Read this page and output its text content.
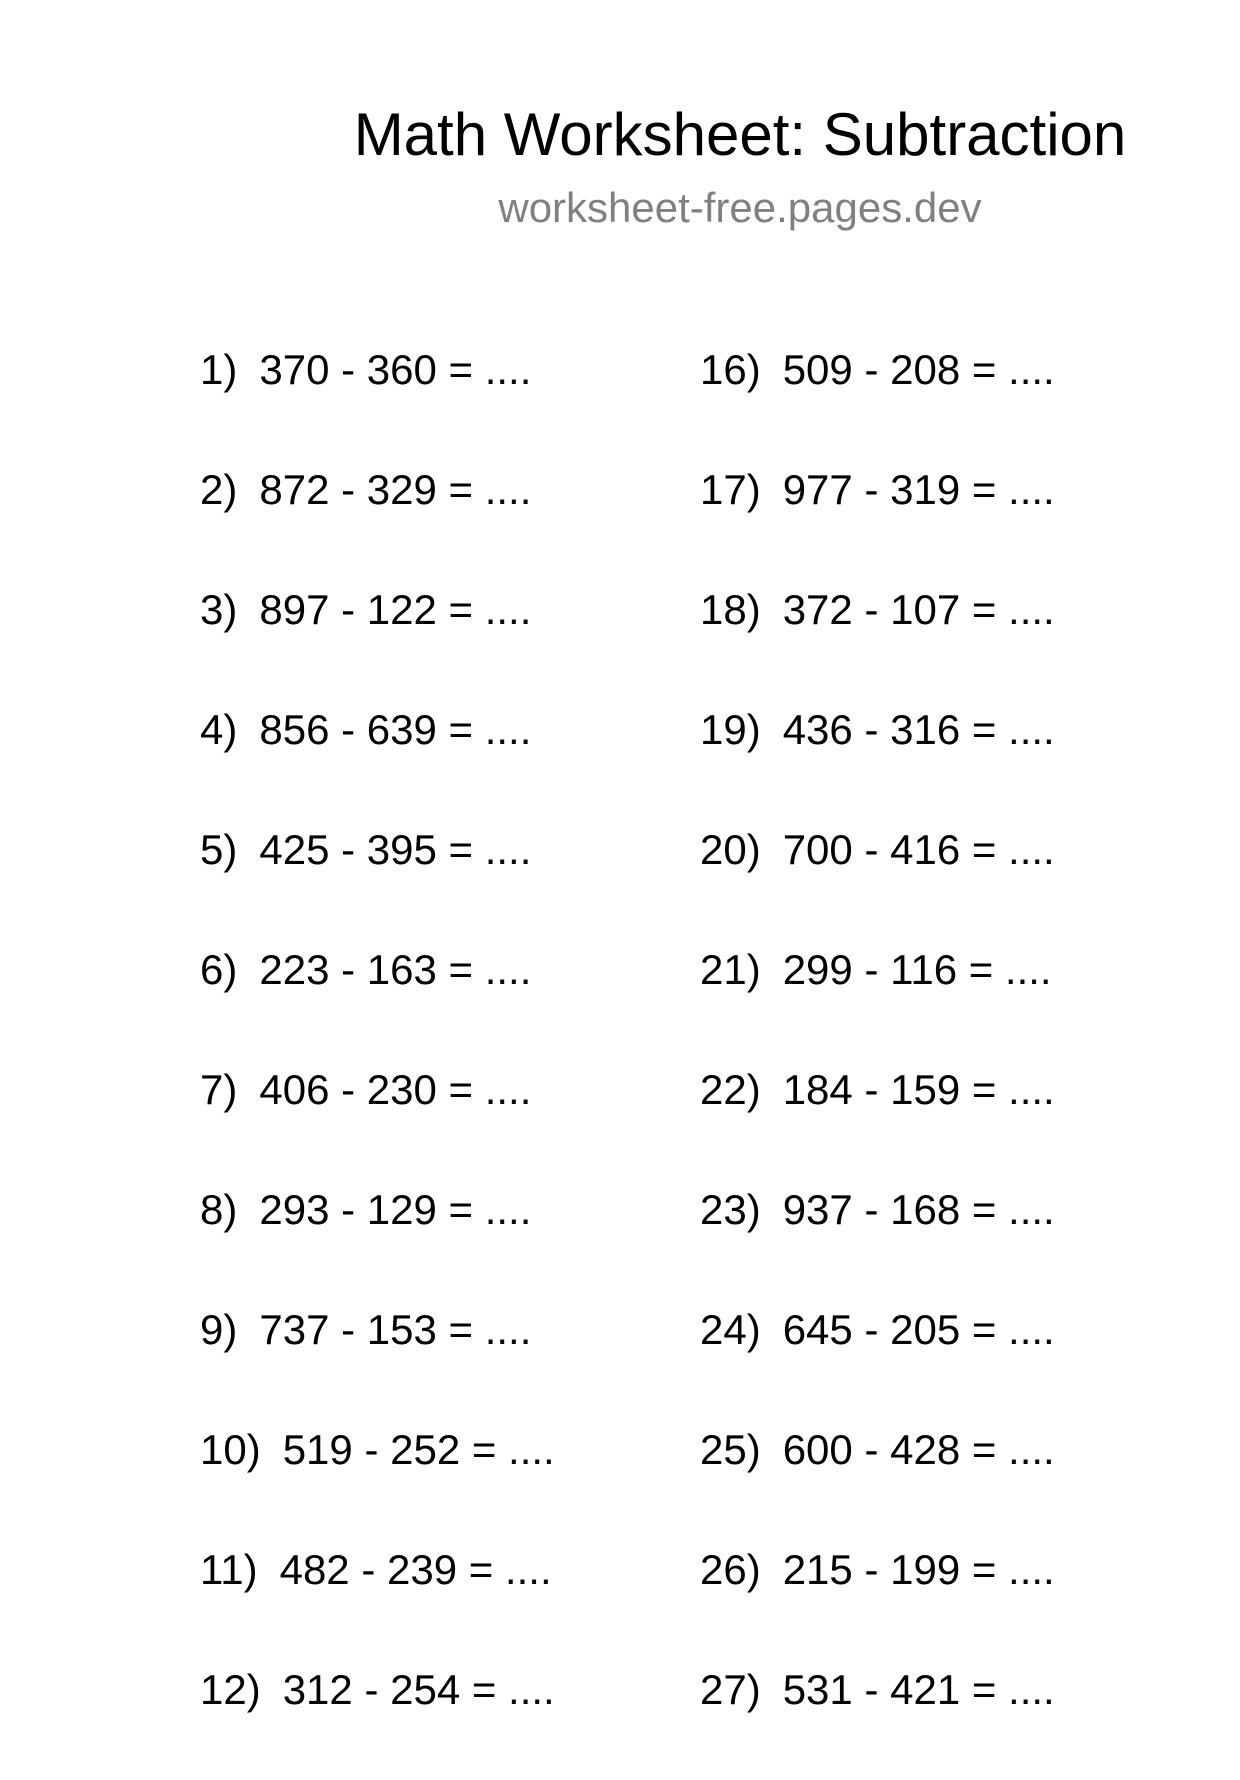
Math Worksheet: Subtraction
worksheet-free.pages.dev
1) 370 - 360 = ....
2) 872 - 329 = ....
3) 897 - 122 = ....
4) 856 - 639 = ....
5) 425 - 395 = ....
6) 223 - 163 = ....
7) 406 - 230 = ....
8) 293 - 129 = ....
9) 737 - 153 = ....
10) 519 - 252 = ....
11) 482 - 239 = ....
12) 312 - 254 = ....
16) 509 - 208 = ....
17) 977 - 319 = ....
18) 372 - 107 = ....
19) 436 - 316 = ....
20) 700 - 416 = ....
21) 299 - 116 = ....
22) 184 - 159 = ....
23) 937 - 168 = ....
24) 645 - 205 = ....
25) 600 - 428 = ....
26) 215 - 199 = ....
27) 531 - 421 = ....
